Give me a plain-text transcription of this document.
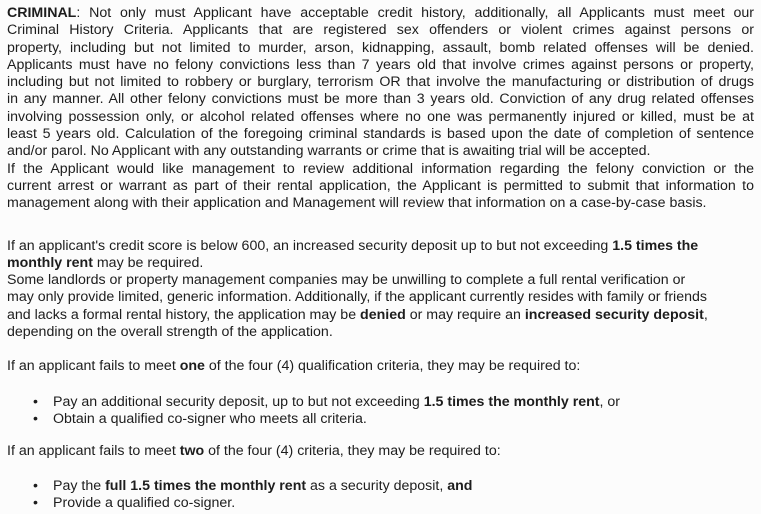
CRIMINAL: Not only must Applicant have acceptable credit history, additionally, all Applicants must meet our
Criminal History Criteria. Applicants that are registered sex offenders or violent crimes against persons or
property, including but not limited to murder, arson, kidnapping, assault, bomb related offenses will be denied.
Applicants must have no felony convictions less than 7 years old that involve crimes against persons or property,
including but not limited to robbery or burglary, terrorism OR that involve the manufacturing or distribution of drugs
in any manner. All other felony convictions must be more than 3 years old. Conviction of any drug related offenses
involving possession only, or alcohol related offenses where no one was permanently injured or killed, must be at
least 5 years old. Calculation of the foregoing criminal standards is based upon the date of completion of sentence
and/or parol. No Applicant with any outstanding warrants or crime that is awaiting trial will be accepted.
If the Applicant would like management to review additional information regarding the felony conviction or the
current arrest or warrant as part of their rental application, the Applicant is permitted to submit that information to
management along with their application and Management will review that information on a case-by-case basis.
If an applicant's credit score is below 600, an increased security deposit up to but not exceeding 1.5 times the
monthly rent may be required.
Some landlords or property management companies may be unwilling to complete a full rental verification or
may only provide limited, generic information. Additionally, if the applicant currently resides with family or friends
and lacks a formal rental history, the application may be denied or may require an increased security deposit,
depending on the overall strength of the application.
If an applicant fails to meet one of the four (4) qualification criteria, they may be required to:
•	Pay an additional security deposit, up to but not exceeding 1.5 times the monthly rent, or
•	Obtain a qualified co-signer who meets all criteria.
If an applicant fails to meet two of the four (4) criteria, they may be required to:
•	Pay the full 1.5 times the monthly rent as a security deposit, and
•	Provide a qualified co-signer.
